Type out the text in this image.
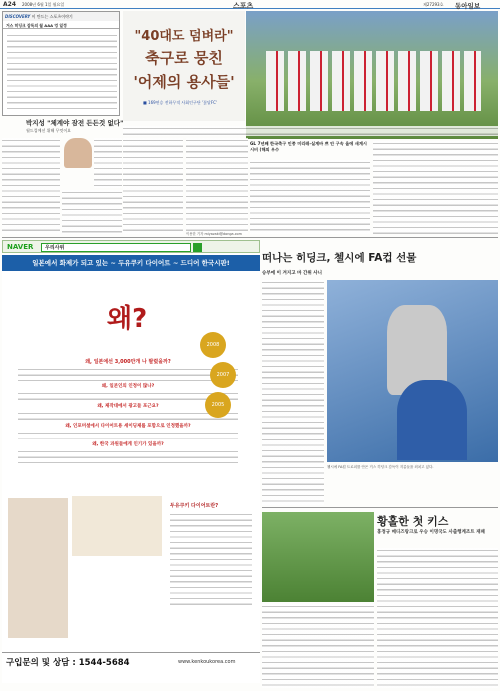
A24 2008년 6월 1일 월요일	스포츠	제27293호 동아일보
DISCOVERY 이 만드는 스포츠이야기
거스 히딩크 감독의 월 AAA 엉 일정
박지성 "체계야 잠전 든든것 없다"
월드컵예선 위해 무엇이요
"40대도 덤벼라"
축구로 뭉친
'어제의 용사들'
■ 169연승 전하무적 사회인구단 '꽃달FC'
GL 7년째 한국축구 인종 미리레-실계바 쁘 안 구속 울에 새계시시비 (해외 우수
이용한 기자 miyazaki@donga.com
NAVER	우리사위
일본에서 화제가 되고 있는 ~ 두유쿠키 다이어트 ~ 드디어 한국시판!
왜?
왜, 일본에선 3,000만개 나 팔렸을까?
왜, 일본인의 인정이 많나?
왜, 제작대에서 광고들 포근요?
왜, 인포머셜에서 다이어트용 세이딩제를 포함으로 인정했을까?
왜, 한국 과원들에게 인기가 있을까?
2008
2007
2005
두유쿠키 다이어트란?
구입문의 및 상담 : 1544-5684	www.kenkoukorea.com
떠나는 히딩크, 첼시에 FA컵 선물
승부에 이 겨지고 마 간위 사니
첼시에 FA컵 트로피를 안은 거스 히딩크 감독이 지름들을 외치고 있다.
황홀한 첫 키스
홍정규 메디즈랑크로 우승 이명국도 사출행계조트 재패
